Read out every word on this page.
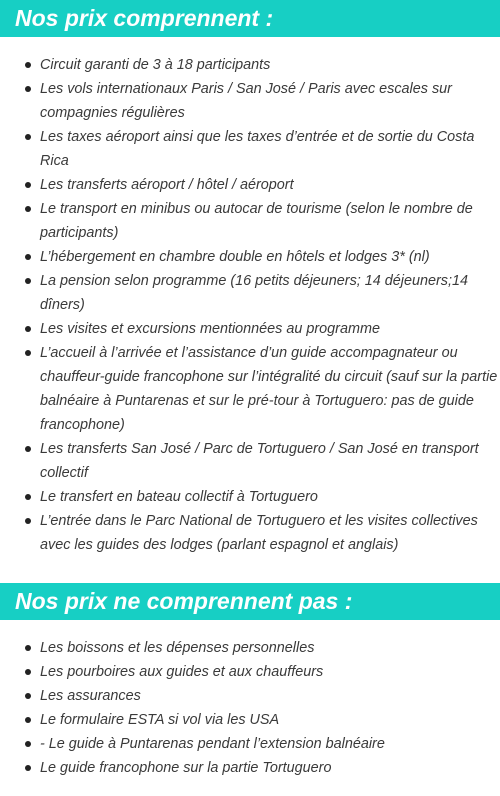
Nos prix comprennent :
Circuit garanti de 3 à 18 participants
Les vols internationaux Paris / San José / Paris avec escales sur compagnies régulières
Les taxes aéroport ainsi que les taxes d’entrée et de sortie du Costa Rica
Les transferts aéroport / hôtel / aéroport
Le transport en minibus ou autocar de tourisme (selon le nombre de participants)
L’hébergement en chambre double en hôtels et lodges 3* (nl)
La pension selon programme (16 petits déjeuners; 14 déjeuners;14 dîners)
Les visites et excursions mentionnées au programme
L’accueil à l’arrivée et l’assistance d’un guide accompagnateur ou chauffeur-guide francophone sur l’intégralité du circuit (sauf sur la partie balnéaire à Puntarenas et sur le pré-tour à Tortuguero: pas de guide francophone)
Les transferts San José / Parc de Tortuguero / San José en transport collectif
Le transfert en bateau collectif à Tortuguero
L’entrée dans le Parc National de Tortuguero et les visites collectives avec les guides des lodges (parlant espagnol et anglais)
Nos prix ne comprennent pas :
Les boissons et les dépenses personnelles
Les pourboires aux guides et aux chauffeurs
Les assurances
Le formulaire ESTA si vol via les USA
- Le guide à Puntarenas pendant l’extension balnéaire
Le guide francophone sur la partie Tortuguero
